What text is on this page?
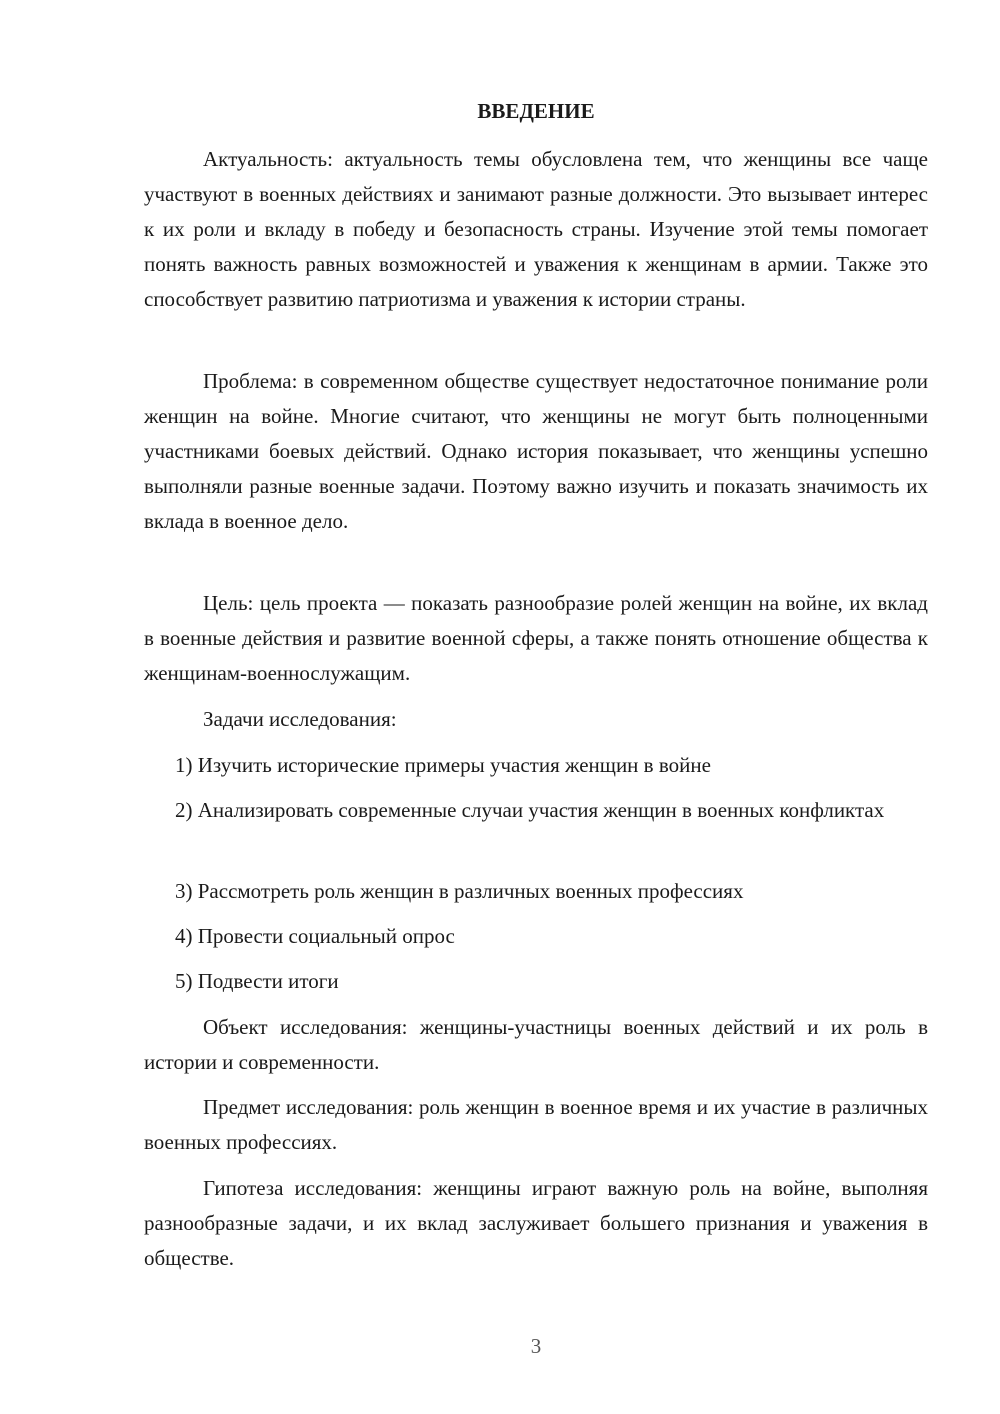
ВВЕДЕНИЕ

Актуальность: актуальность темы обусловлена тем, что женщины все чаще участвуют в военных действиях и занимают разные должности. Это вызывает интерес к их роли и вкладу в победу и безопасность страны. Изучение этой темы помогает понять важность равных возможностей и уважения к женщинам в армии. Также это способствует развитию патриотизма и уважения к истории страны.

Проблема: в современном обществе существует недостаточное понимание роли женщин на войне. Многие считают, что женщины не могут быть полноценными участниками боевых действий. Однако история показывает, что женщины успешно выполняли разные военные задачи. Поэтому важно изучить и показать значимость их вклада в военное дело.

Цель: цель проекта — показать разнообразие ролей женщин на войне, их вклад в военные действия и развитие военной сферы, а также понять отношение общества к женщинам-военнослужащим.

Задачи исследования:

1) Изучить исторические примеры участия женщин в войне

2) Анализировать современные случаи участия женщин в военных конфликтах

3) Рассмотреть роль женщин в различных военных профессиях

4) Провести социальный опрос

5) Подвести итоги

Объект исследования: женщины-участницы военных действий и их роль в истории и современности.

Предмет исследования: роль женщин в военное время и их участие в различных военных профессиях.

Гипотеза исследования: женщины играют важную роль на войне, выполняя разнообразные задачи, и их вклад заслуживает большего признания и уважения в обществе.

3
